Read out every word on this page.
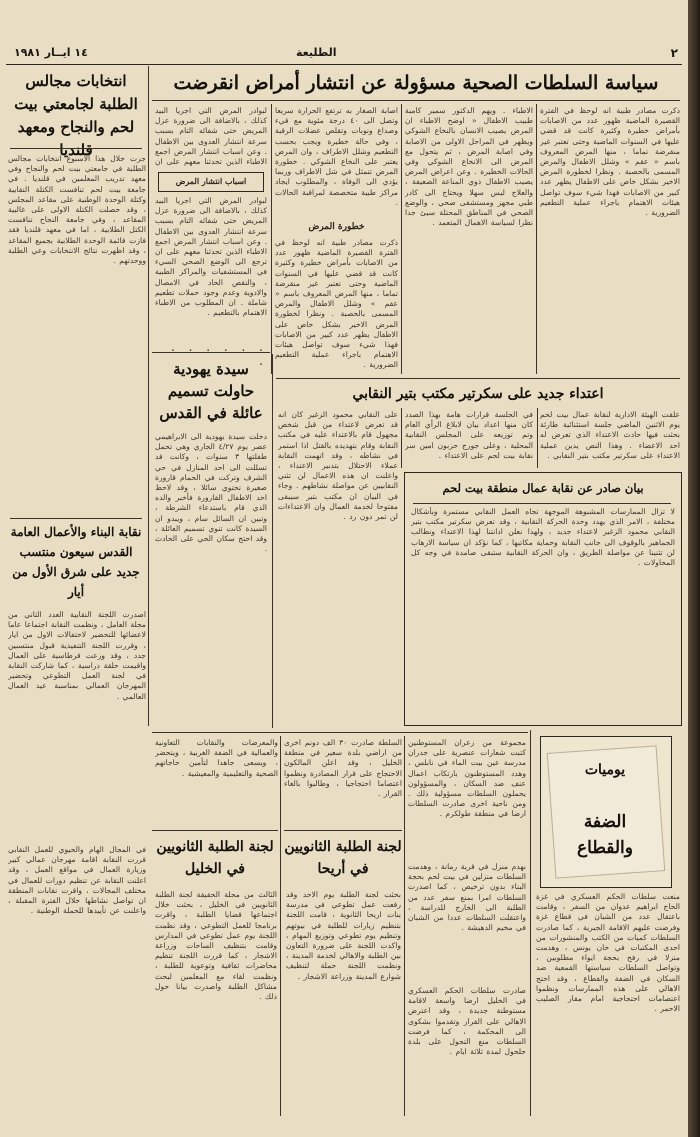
٢
الطليعة
١٤ ايــار ١٩٨١
انتخابات مجالس الطلبة لجامعتي بيت لحم والنجاح ومعهد قلنديا
جرت خلال هذا الاسبوع انتخابات مجالس الطلبة في جامعتي بيت لحم والنجاح وفي معهد تدريب المعلمين في قلنديا . في جامعة بيت لحم تنافست الكتلة النقابية وكتلة الوحدة الوطنية على مقاعد المجلس ، وقد حصلت الكتلة الاولى على غالبية المقاعد ، وفي جامعة النجاح تنافست الكتل الطلابية ، اما في معهد قلنديا فقد فازت قائمة الوحدة الطلابية بجميع المقاعد ، وقد اظهرت نتائج الانتخابات وعي الطلبة ووحدتهم .
نقابة البناء والأعمال العامة القدس سيعون منتسب جديد على شرق الأول من أيار
اصدرت اللجنة النقابية العدد الثاني من مجلة العامل ، ونظمت النقابة اجتماعا عاما لاعضائها للتحضير لاحتفالات الاول من ايار ، وقررت اللجنة التنفيذية قبول منتسبين جدد ، وقد وزعت قرطاسية على العمال واقيمت حلقة دراسية ، كما شاركت النقابة في لجنة العمل التطوعي وتحضير المهرجان العمالي بمناسبة عيد العمال العالمي .
في المجال الهام والحيوي للعمل النقابي قررت النقابة اقامة مهرجان عمالي كبير وزيارة العمال في مواقع العمل ، وقد اعلنت النقابة عن تنظيم دورات للعمال في مختلف المجالات ، واقرت نقابات المنطقة ان تواصل نشاطها خلال الفترة المقبلة ، واعلنت عن تأييدها للحملة الوطنية .
سياسة السلطات الصحية مسؤولة عن انتشار أمراض انقرضت
ذكرت مصادر طبية انه لوحظ في الفترة القصيرة الماضية ظهور عدد من الاصابات بأمراض خطيرة وكثيرة كانت قد قضي عليها في السنوات الماضية وحتى تعتبر غير منقرضة تماما ، منها المرض المعروف باسم « عقم » وشلل الاطفال والمرض المسمى بالحصبة . ونظرا لخطورة المرض الاخير بشكل خاص على الاطفال يظهر عدد كبير من الاصابات فهذا شيء سوف تواصل هيئات الاهتمام باجراء عملية التطعيم الضرورية .
الاطباء . ويهم الدكتور سمير كامبة طبيب الاطفال « اوضح الاطباء ان المرض يصيب الانسان بالنخاع الشوكي ويظهر في المراحل الاولى من الاصابة وفي اصابة المرض ، ثم يتحول مع المرض الى الانخاع الشوكي وفي الحالات الخطيرة . وعن اعراض المرض يصيب الاطفال ذوي المناعة الضعيفة ، والعلاج ليس سهلا ويحتاج الى كادر طبي مجهز ومستشفى صحي ، والوضع الصحي في المناطق المحتلة سيئ جدا نظرا لسياسة الاهمال المتعمد .
اصابة الصغار به ترتفع الحرارة سريعا وتصل الى ٤٠ درجة مئوية مع قيء وصداع ونوبات وتقلص عضلات الرقبة ، وفي حالة خطيرة ويجب بحسب التطعيم وشلل الاطراف ، وان المرض يعتبر على النخاع الشوكي . خطورة المرض تتمثل في شل الاطراف وربما يؤدي الى الوفاة ، والمطلوب ايجاد مراكز طبية متخصصة لمراقبة الحالات .
خطورة المرض
ذكرت مصادر طبية انه لوحظ في الفترة القصيرة الماضية ظهور عدد من الاصابات بأمراض خطيرة وكثيرة كانت قد قضي عليها في السنوات الماضية وحتى تعتبر غير منقرضة تماما ، منها المرض المعروف باسم « عقم » وشلل الاطفال والمرض المسمى بالحصبة . ونظرا لخطورة المرض الاخير بشكل خاص على الاطفال يظهر عدد كبير من الاصابات فهذا شيء سوف تواصل هيئات الاهتمام باجراء عملية التطعيم الضرورية .
لبوادر المرض التي اجريا البيد كذلك ، بالاضافة الى ضرورة عزل المريض حتى شفائه التام بسبب سرعة انتشار العدوى بين الاطفال . وعن اسباب انتشار المرض اجمع الاطباء الذين تحدثنا معهم على ان
اسباب انتشار المرض
لبوادر المرض التي اجريا البيد كذلك ، بالاضافة الى ضرورة عزل المريض حتى شفائه التام بسبب سرعة انتشار العدوى بين الاطفال . وعن اسباب انتشار المرض اجمع الاطباء الذين تحدثنا معهم على ان ترجع الى الوضع الصحي السيء في المستشفيات والمراكز الطبية ، والنقص الحاد في الامصال والادوية وعدم وجود حملات تطعيم شاملة . ان المطلوب من الاطباء الاهتمام بالتطعيم .
. . . . . . .
سيدة يهودية حاولت تسميم عائلة في القدس
دخلت سيدة يهودية الى الابراهيمي عصر يوم ٤/٢٧ الجاري وهي تحمل طفلتها ٣ سنوات ، وكانت قد تسللت الى احد المنازل في حي الشرف وتركت في الحمام قارورة صغيرة تحتوي سائلا ، وقد لاحظ احد الاطفال القارورة فأخبر والده الذي قام باستدعاء الشرطة ، وتبين ان السائل سام ، ويبدو ان السيدة كانت تنوي تسميم العائلة ، وقد احتج سكان الحي على الحادث .
اعتداء جديد على سكرتير مكتب بتير النقابي
علقت الهيئة الادارية لنقابة عمال بيت لحم يوم الاثنين الماضي جلسة استثنائية طارئة بحثت فيها حادث الاعتداء الذي تعرض له احد الاعضاء . وهذا النص يدين عملية الاعتداء على سكرتير مكتب بتير النقابي .
في الجلسة قرارات هامة بهذا الصدد كان منها اعداد بيان لابلاغ الرأي العام وتم توزيعه على المجلس النقابية المحلية ، وعلى جورج حزبون امين سر نقابة بيت لحم على الاعتداء .
على النقابي محمود الزغير كان انه قد تعرض لاعتداء من قبل شخص مجهول قام بالاعتداء عليه في مكتب النقابة وقام بتهديده بالقتل اذا استمر في نشاطه ، وقد اتهمت النقابة عملاء الاحتلال بتدبير الاعتداء ، واعلنت ان هذه الاعمال لن تثني النقابيين عن مواصلة نشاطهم . وجاء في البيان ان مكتب بتير سيبقى مفتوحا لخدمة العمال وان الاعتداءات لن تمر دون رد .
بيان صادر عن نقابة عمال منطقة بيت لحم
لا تزال الممارسات المشبوهة الموجهة تجاه العمل النقابي مستمرة وبأشكال مختلفة ، الامر الذي يهدد وحدة الحركة النقابية ، وقد تعرض سكرتير مكتب بتير النقابي محمود الزغير لاعتداء جديد ، ولهذا نعلن ادانتنا لهذا الاعتداء ونطالب الجماهير بالوقوف الى جانب النقابة وحماية مكاتبها ، كما نؤكد ان سياسة الارهاب لن تثنينا عن مواصلة الطريق ، وان الحركة النقابية ستبقى صامدة في وجه كل المحاولات .
السلطة صادرت ٣٠ الف دونم اخرى من اراضي بلدة سعير في منطقة الخليل ، وقد اعلن المالكون الاحتجاج على قرار المصادرة ونظموا اعتصاما احتجاجيا ، وطالبوا بالغاء القرار .
والمعرضات والنقابات التعاونية والعمالية في الضفة الغربية ، ويتحضر ، ويسعى جاهدا لتأمين حاجاتهم الصحية والتعليمية والمعيشية .
لجنة الطلبة الثانويين في الخليل
الثالث من مجلة الحقيقة لجنة الطلبة الثانويين في الخليل ، بحثت خلال اجتماعها قضايا الطلبة ، واقرت برنامجا للعمل التطوعي ، وقد نظمت اللجنة يوم عمل تطوعي في المدارس وقامت بتنظيف الساحات وزراعة الاشجار ، كما قررت اللجنة تنظيم محاضرات ثقافية وتوعوية للطلبة ، ونظمت لقاء مع المعلمين لبحث مشاكل الطلبة واصدرت بيانا حول ذلك .
لجنة الطلبة الثانويين في أريحا
بحثت لجنة الطلبة يوم الاحد وقد رفعت عمل تطوعي في مدرسة بنات اريحا الثانوية ، قامت اللجنة بتنظيم زيارات للطلبة في بيوتهم وتنظيم يوم تطوعي وتوزيع المهام ، واكدت اللجنة على ضرورة التعاون بين الطلبة والاهالي لخدمة المدينة ، ونظمت اللجنة حملة لتنظيف شوارع المدينة وزراعة الاشجار .
مجموعة من زعران المستوطنين كتبت شعارات عنصرية على جدران مدرسة عين بيت الماء في نابلس ، وهدد المستوطنون بارتكاب اعمال عنف ضد السكان ، والمسؤولون يحملون السلطات مسؤولية ذلك . ومن ناحية اخرى صادرت السلطات ارضا في منطقة طولكرم .
بهدم منزل في قرية رمانة ، وهدمت السلطات منزلين في بيت لحم بحجة البناء بدون ترخيص ، كما اصدرت السلطات امرا بمنع سفر عدد من الطلبة الى الخارج للدراسة ، واعتقلت السلطات عددا من الشبان في مخيم الدهيشة .
صادرت سلطات الحكم العسكري في الخليل ارضا واسعة لاقامة مستوطنة جديدة ، وقد اعترض الاهالي على القرار وتقدموا بشكوى الى المحكمة ، كما فرضت السلطات منع التجول على بلدة حلحول لمدة ثلاثة ايام .
يوميات
الضفة والقطاع
منعت سلطات الحكم العسكري في غزة الحاج ابراهيم عدوان من السفر ، وقامت باعتقال عدد من الشبان في قطاع غزة وفرضت عليهم الاقامة الجبرية ، كما صادرت السلطات كميات من الكتب والمنشورات من احدى المكتبات في خان يونس ، وهدمت منزلا في رفح بحجة ايواء مطلوبين ، وتواصل السلطات سياستها القمعية ضد السكان في الضفة والقطاع ، وقد احتج الاهالي على هذه الممارسات ونظموا اعتصامات احتجاجية امام مقار الصليب الاحمر .
